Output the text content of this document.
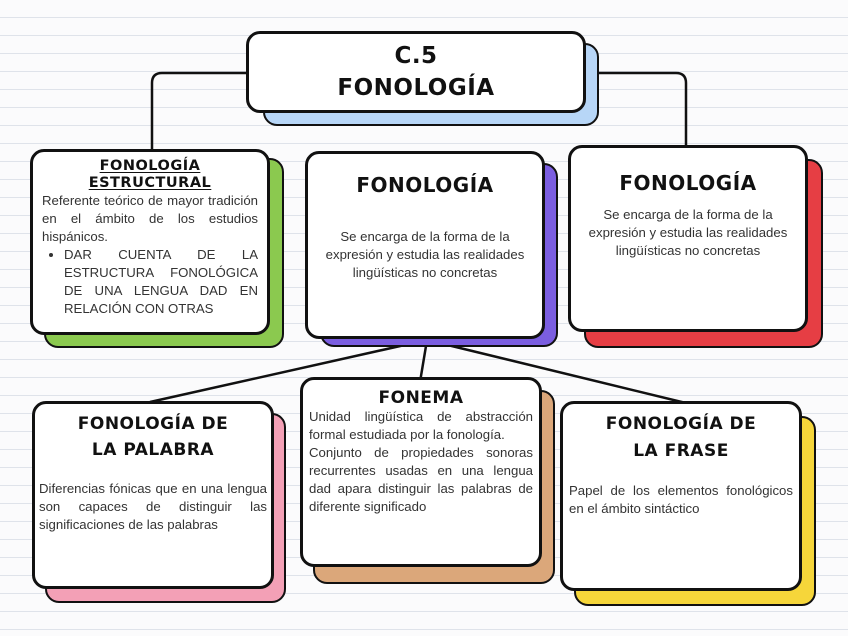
C.5

FONOLOGÍA

FONOLOGÍA ESTRUCTURAL

Referente teórico de mayor tradición en el ámbito de los estudios hispánicos.

• DAR CUENTA DE LA ESTRUCTURA FONOLÓGICA DE UNA LENGUA DAD EN RELACIÓN CON OTRAS

FONOLOGÍA

Se encarga de la forma de la expresión y estudia las realidades lingüísticas no concretas

FONOLOGÍA

Se encarga de la forma de la expresión y estudia las realidades lingüísticas no concretas

FONOLOGÍA DE

LA PALABRA

Diferencias fónicas que en una lengua son capaces de distinguir las significaciones de las palabras

FONEMA

Unidad lingüística de abstracción formal estudiada por la fonología.

Conjunto de propiedades sonoras recurrentes usadas en una lengua dad apara distinguir las palabras de diferente significado

FONOLOGÍA DE

LA FRASE

Papel de los elementos fonológicos en el ámbito sintáctico
